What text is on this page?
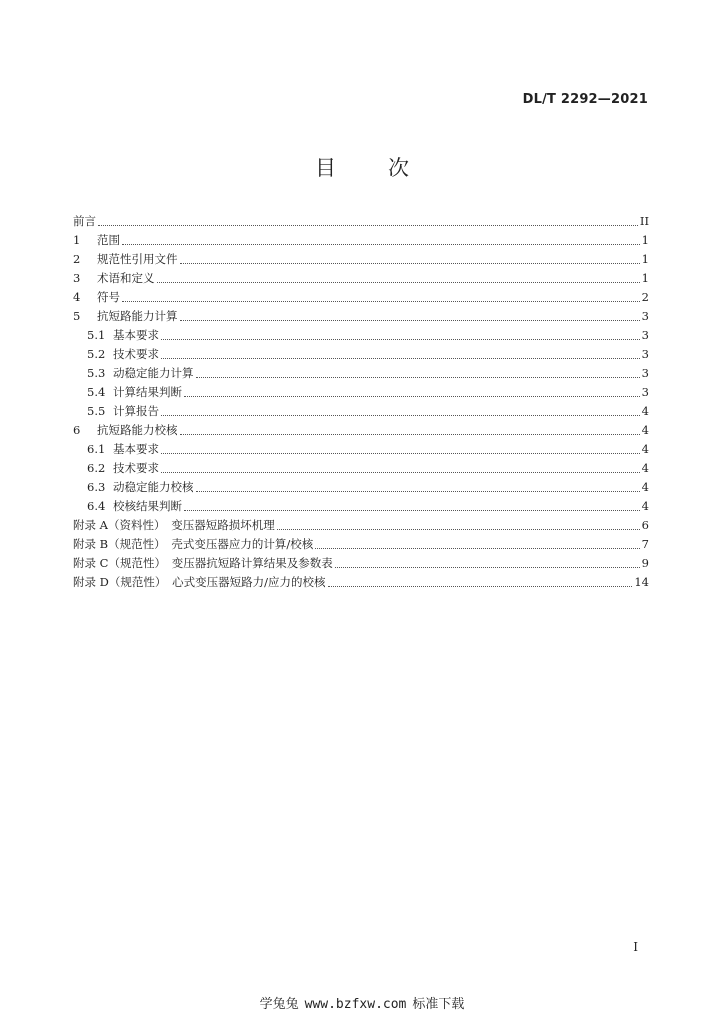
DL/T 2292—2021
目 次
前言	II
1	范围	1
2	规范性引用文件	1
3	术语和定义	1
4	符号	2
5	抗短路能力计算	3
5.1 基本要求	3
5.2 技术要求	3
5.3 动稳定能力计算	3
5.4 计算结果判断	3
5.5 计算报告	4
6	抗短路能力校核	4
6.1 基本要求	4
6.2 技术要求	4
6.3 动稳定能力校核	4
6.4 校核结果判断	4
附录 A（资料性）　变压器短路损坏机理	6
附录 B（规范性）　壳式变压器应力的计算/校核	7
附录 C（规范性）　变压器抗短路计算结果及参数表	9
附录 D（规范性）　心式变压器短路力/应力的校核	14
I
学兔兔 www.bzfxw.com 标准下载
